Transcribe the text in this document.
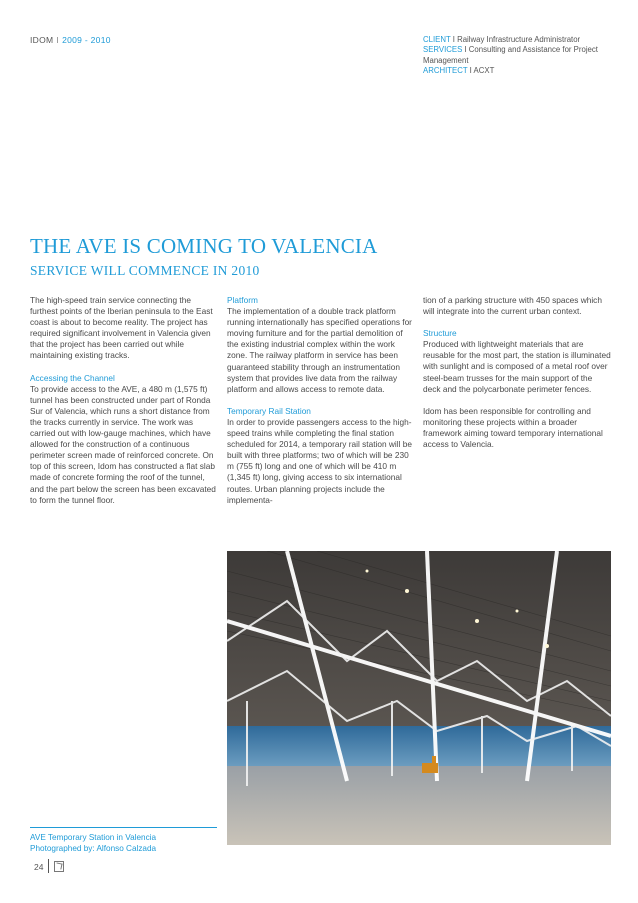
IDOM I 2009 - 2010	CLIENT I Railway Infrastructure Administrator
SERVICES I Consulting and Assistance for Project Management
ARCHITECT I ACXT
THE AVE IS COMING TO VALENCIA
SERVICE WILL COMMENCE IN 2010

The high-speed train service connecting the furthest points of the Iberian peninsula to the East coast is about to become reality. The project has required significant involvement in Valencia given that the project has been carried out while maintaining existing tracks.

Accessing the Channel

To provide access to the AVE, a 480 m (1,575 ft) tunnel has been constructed under part of Ronda Sur of Valencia, which runs a short distance from the tracks currently in service. The work was carried out with low-gauge machines, which have allowed for the construction of a continuous perimeter screen made of reinforced concrete. On top of this screen, Idom has constructed a flat slab made of concrete forming the roof of the tunnel, and the part below the screen has been excavated to form the tunnel floor.

Platform

The implementation of a double track platform running internationally has specified operations for moving furniture and for the partial demolition of the existing industrial complex within the work zone. The railway platform in service has been guaranteed stability through an instrumentation system that provides live data from the railway platform and allows access to remote data.

Temporary Rail Station

In order to provide passengers access to the high-speed trains while completing the final station scheduled for 2014, a temporary rail station will be built with three platforms; two of which will be 230 m (755 ft) long and one of which will be 410 m (1,345 ft) long, giving access to six international routes. Urban planning projects include the implementa-

tion of a parking structure with 450 spaces which will integrate into the current urban context.

Structure

Produced with lightweight materials that are reusable for the most part, the station is illuminated with sunlight and is composed of a metal roof over steel-beam trusses for the main support of the deck and the polycarbonate perimeter fences.

Idom has been responsible for controlling and monitoring these projects within a broader framework aiming toward temporary international access to Valencia.

AVE Temporary Station in Valencia
Photographed by: Alfonso Calzada
24
